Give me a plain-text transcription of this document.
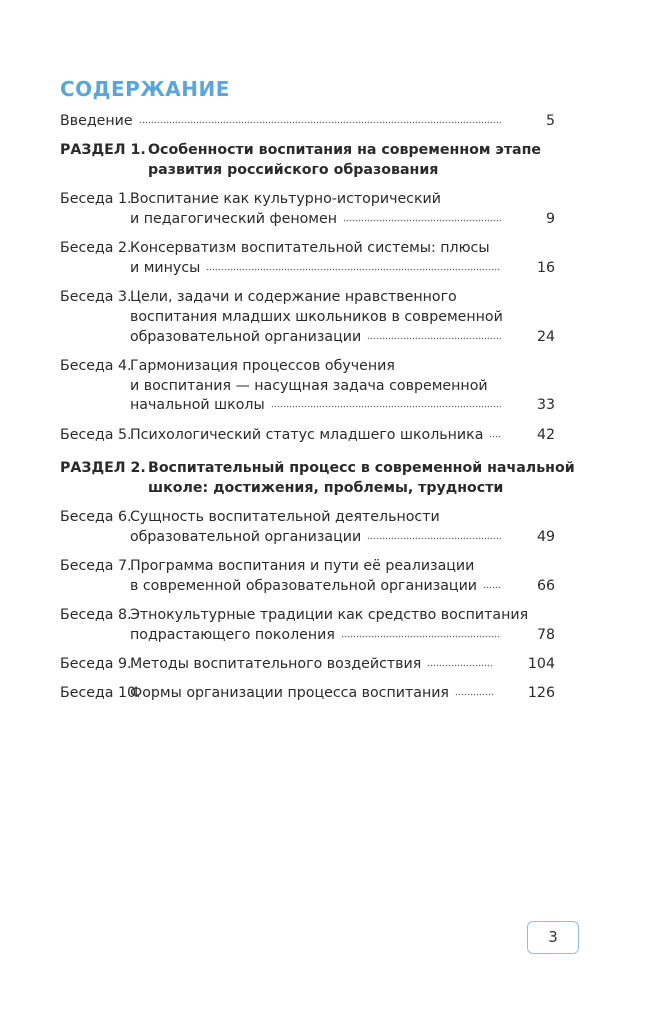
СОДЕРЖАНИЕ
Введение	5
РАЗДЕЛ 1.
Особенности воспитания на современном этапе
развития российского образования
Беседа 1.
Воспитание как культурно-исторический
и педагогический феномен	9
Беседа 2.
Консерватизм воспитательной системы: плюсы
и минусы	16
Беседа 3.
Цели, задачи и содержание нравственного
воспитания младших школьников в современной
образовательной организации	24
Беседа 4.
Гармонизация процессов обучения
и воспитания — насущная задача современной
начальной школы	33
Беседа 5.
Психологический статус младшего школьника	42
РАЗДЕЛ 2.
Воспитательный процесс в современной начальной
школе: достижения, проблемы, трудности
Беседа 6.
Сущность воспитательной деятельности
образовательной организации	49
Беседа 7.
Программа воспитания и пути её реализации
в современной образовательной организации	66
Беседа 8.
Этнокультурные традиции как средство воспитания
подрастающего поколения	78
Беседа 9.
Методы воспитательного воздействия	104
Беседа 10.
Формы организации процесса воспитания	126
3
